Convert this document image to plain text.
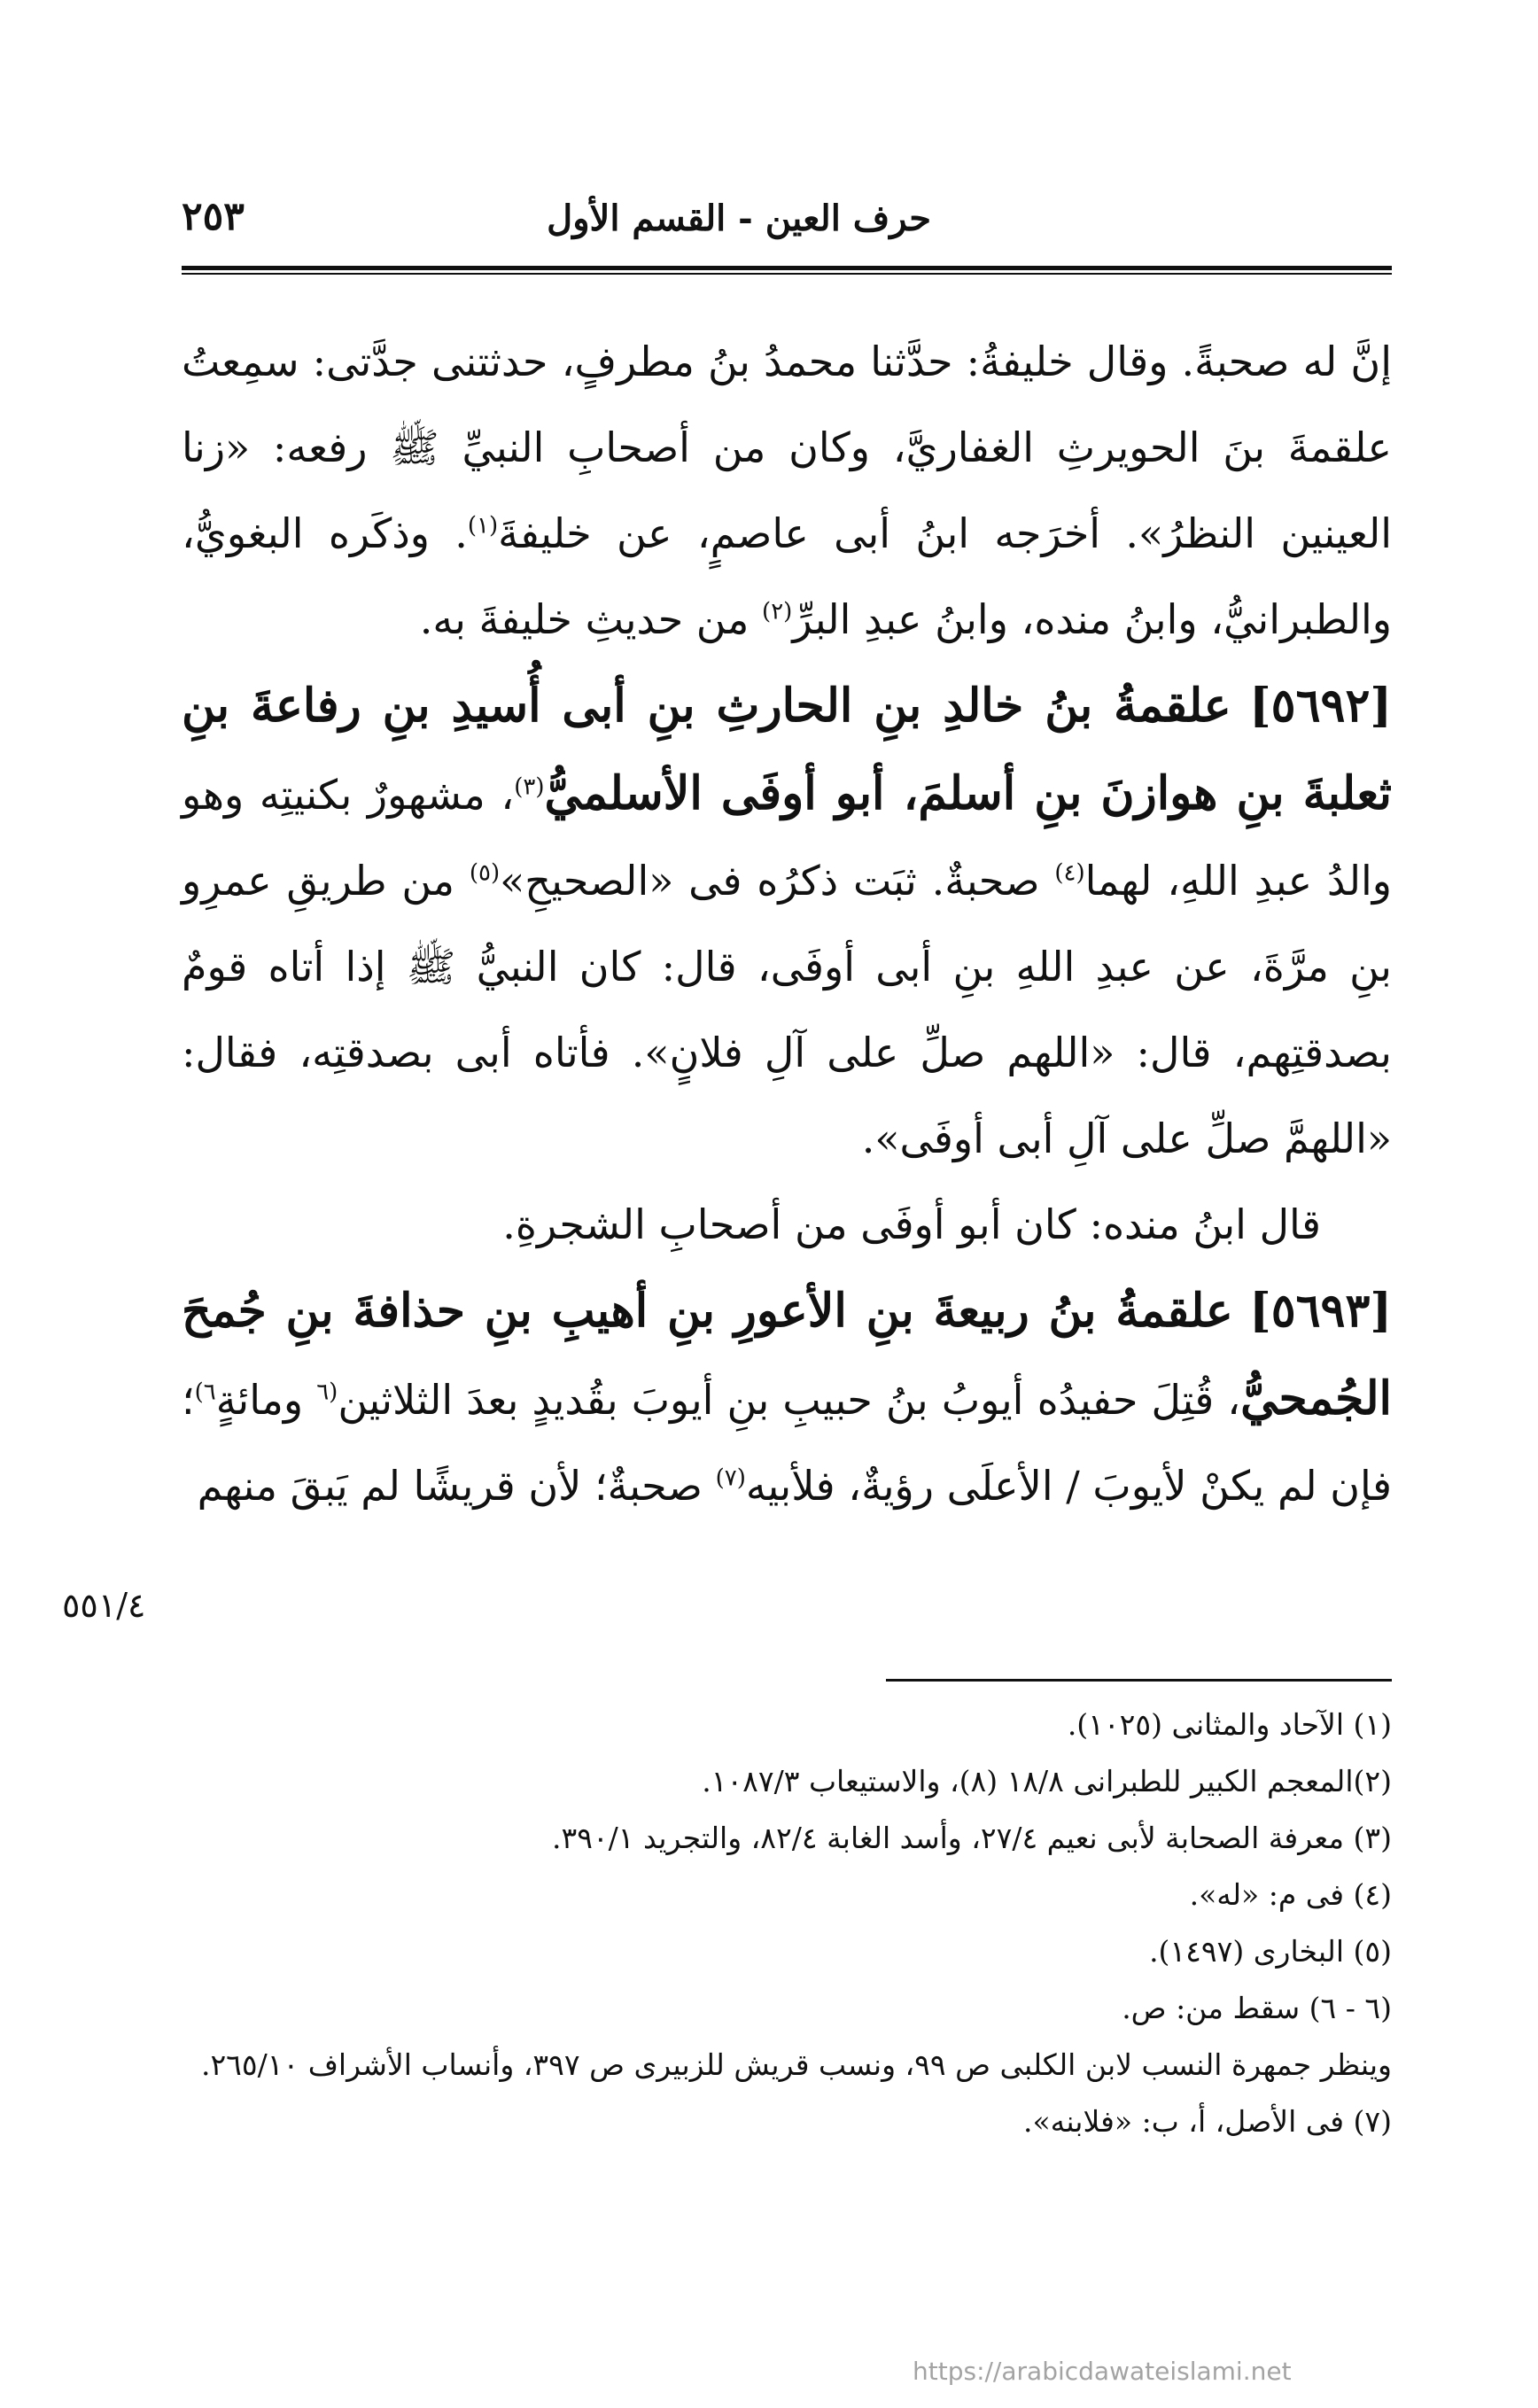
حرف العين - القسم الأول
٢٥٣

إنَّ له صحبةً. وقال خليفةُ: حدَّثنا محمدُ بنُ مطرفٍ، حدثتنى جدَّتى: سمِعتُ علقمةَ بنَ الحويرثِ الغفاريَّ، وكان من أصحابِ النبيِّ ﷺ رفعه: «زنا العينين النظرُ». أخرَجه ابنُ أبى عاصمٍ، عن خليفةَ$^{(١)}$. وذكَره البغويُّ، والطبرانيُّ، وابنُ منده، وابنُ عبدِ البرِّ$^{(٢)}$ من حديثِ خليفةَ به.

[٥٦٩٢] علقمةُ بنُ خالدِ بنِ الحارثِ بنِ أبى أُسيدِ بنِ رفاعةَ بنِ ثعلبةَ بنِ هوازنَ بنِ أسلمَ، أبو أوفَى الأسلميُّ$^{(٣)}$، مشهورٌ بكنيتِه وهو والدُ عبدِ اللهِ، لهما$^{(٤)}$ صحبةٌ. ثبَت ذكرُه فى «الصحيحِ»$^{(٥)}$ من طريقِ عمرِو بنِ مرَّةَ، عن عبدِ اللهِ بنِ أبى أوفَى، قال: كان النبيُّ ﷺ إذا أتاه قومٌ بصدقتِهم، قال: «اللهم صلِّ على آلِ فلانٍ». فأتاه أبى بصدقتِه، فقال: «اللهمَّ صلِّ على آلِ أبى أوفَى».

قال ابنُ منده: كان أبو أوفَى من أصحابِ الشجرةِ.

[٥٦٩٣] علقمةُ بنُ ربيعةَ بنِ الأعورِ بنِ أهيبِ بنِ حذافةَ بنِ جُمحَ الجُمحيُّ، قُتِلَ حفيدُه أيوبُ بنُ حبيبِ بنِ أيوبَ بقُديدٍ بعدَ الثلاثين$^{(٦}$ ومائةٍ$^{٦)}$؛ فإن لم يكنْ لأيوبَ / الأعلَى رؤيةٌ، فلأبيه$^{(٧)}$ صحبةٌ؛ لأن قريشًا لم يَبقَ منهم

٥٥١/٤

(١) الآحاد والمثانى (١٠٢٥).

(٢)المعجم الكبير للطبرانى ١٨/٨ (٨)، والاستيعاب ١٠٨٧/٣.

(٣) معرفة الصحابة لأبى نعيم ٢٧/٤، وأسد الغابة ٨٢/٤، والتجريد ٣٩٠/١.

(٤) فى م: «له».

(٥) البخارى (١٤٩٧).

(٦ - ٦) سقط من: ص.

وينظر جمهرة النسب لابن الكلبى ص ٩٩، ونسب قريش للزبيرى ص ٣٩٧، وأنساب الأشراف ٢٦٥/١٠.

(٧) فى الأصل، أ، ب: «فلابنه».

https://arabicdawateislami.net
